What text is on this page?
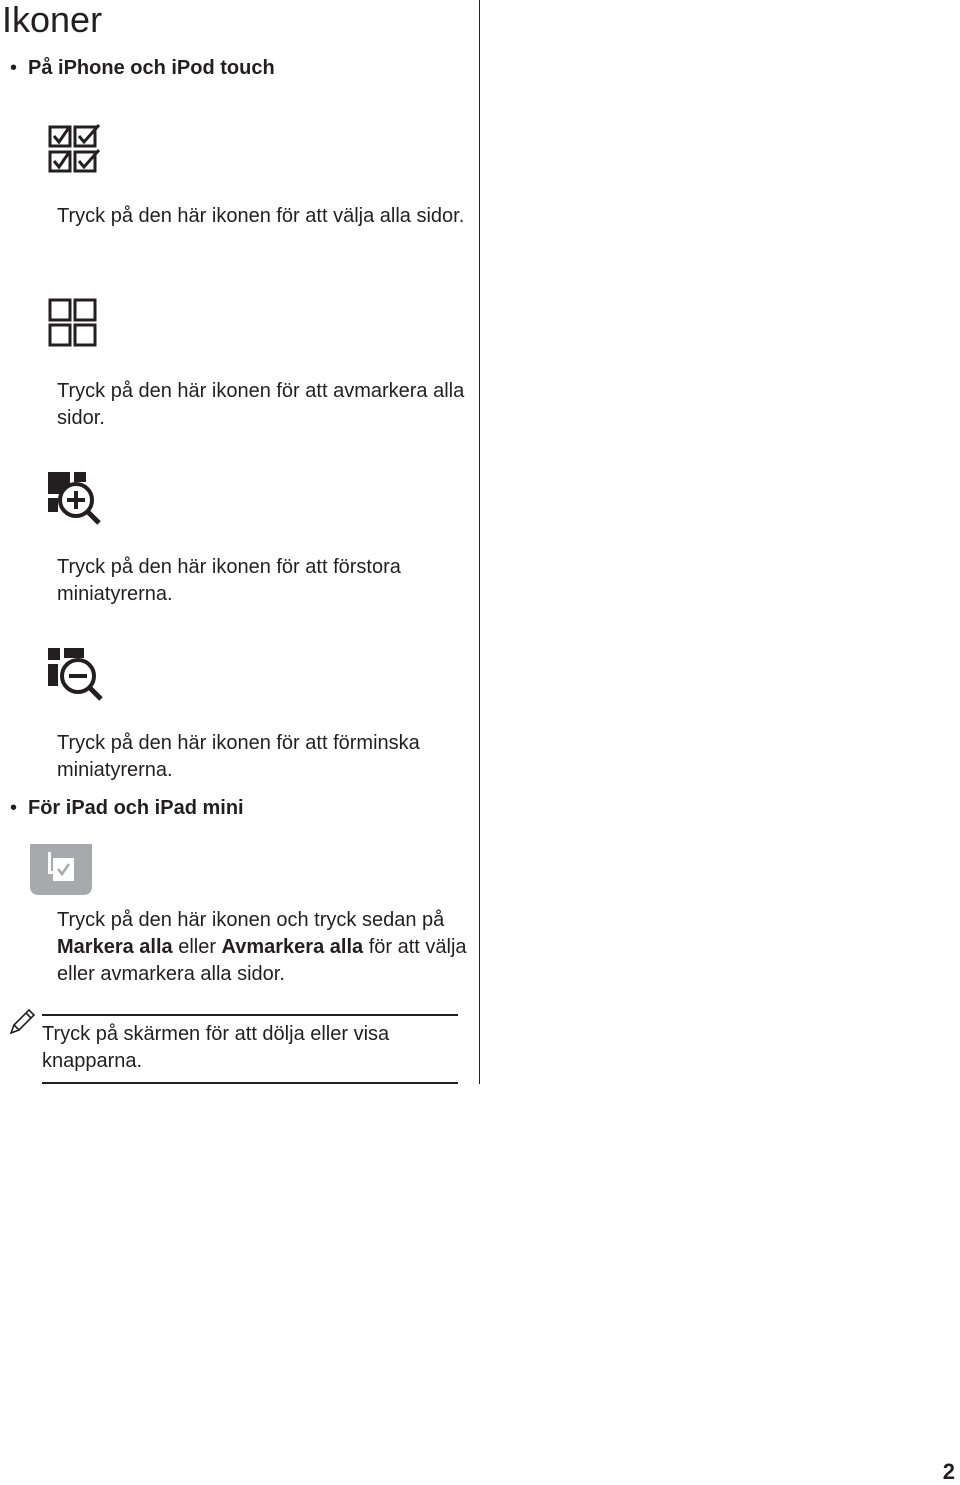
Ikoner
• På iPhone och iPod touch
Tryck på den här ikonen för att välja alla sidor.
Tryck på den här ikonen för att avmarkera alla sidor.
Tryck på den här ikonen för att förstora miniatyrerna.
Tryck på den här ikonen för att förminska miniatyrerna.
• För iPad och iPad mini
Tryck på den här ikonen och tryck sedan på Markera alla eller Avmarkera alla för att välja eller avmarkera alla sidor.
Tryck på skärmen för att dölja eller visa knapparna.
2
